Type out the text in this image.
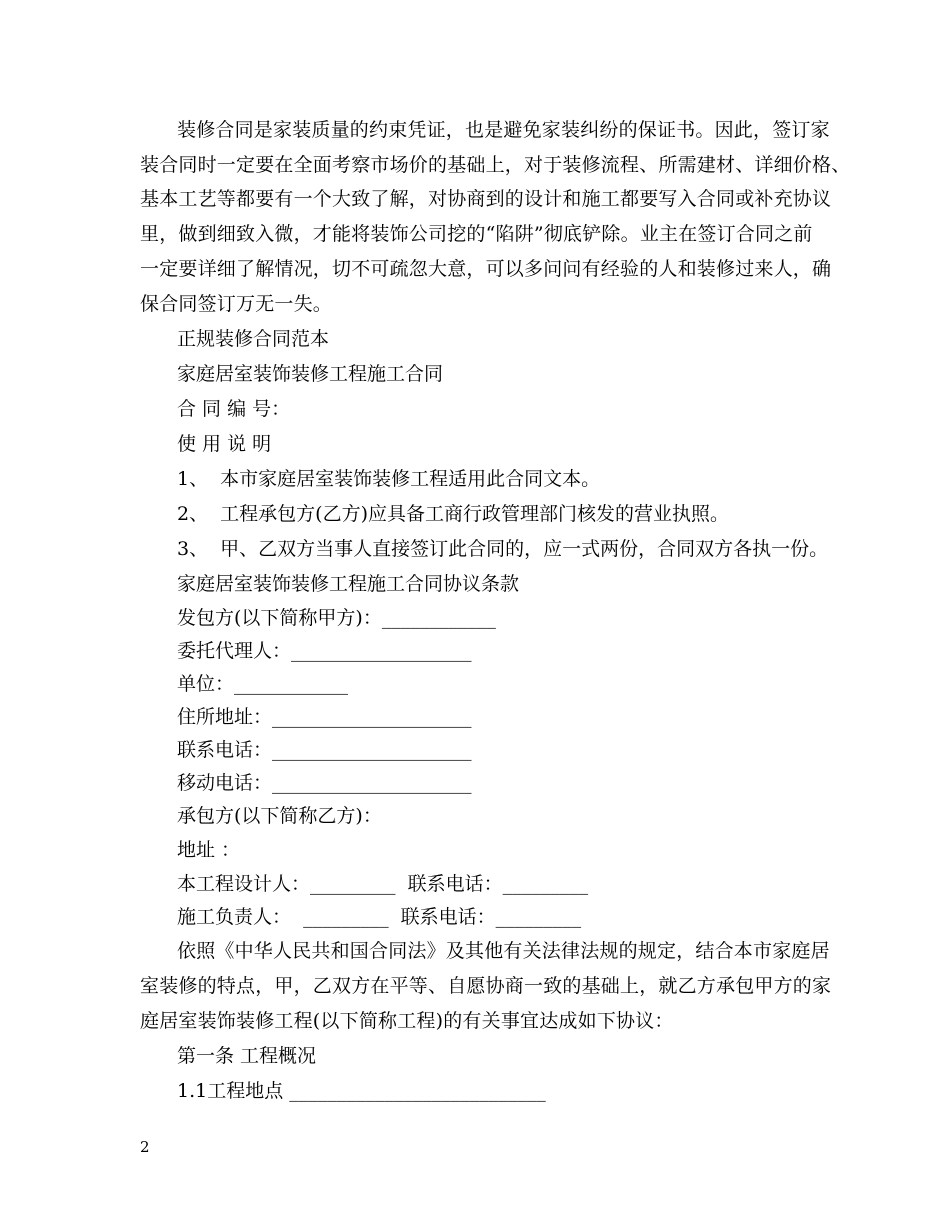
装修合同是家装质量的约束凭证，也是避免家装纠纷的保证书。因此，签订家
装合同时一定要在全面考察市场价的基础上，对于装修流程、所需建材、详细价格、
基本工艺等都要有一个大致了解，对协商到的设计和施工都要写入合同或补充协议
里，做到细致入微，才能将装饰公司挖的“陷阱”彻底铲除。业主在签订合同之前
一定要详细了解情况，切不可疏忽大意，可以多问问有经验的人和装修过来人，确
保合同签订万无一失。
正规装修合同范本
家庭居室装饰装修工程施工合同
合 同 编 号：
使 用 说 明
1、  本市家庭居室装饰装修工程适用此合同文本。
2、  工程承包方(乙方)应具备工商行政管理部门核发的营业执照。
3、  甲、乙双方当事人直接签订此合同的，应一式两份，合同双方各执一份。
家庭居室装饰装修工程施工合同协议条款
发包方(以下简称甲方)：____________
委托代理人：___________________
单位：____________
住所地址：_____________________
联系电话：_____________________
移动电话：_____________________
承包方(以下简称乙方)：
地址 ：
本工程设计人：_________  联系电话：_________
施工负责人：  _________  联系电话：_________
依照《中华人民共和国合同法》及其他有关法律法规的规定，结合本市家庭居
室装修的特点，甲，乙双方在平等、自愿协商一致的基础上，就乙方承包甲方的家
庭居室装饰装修工程(以下简称工程)的有关事宜达成如下协议：
第一条 工程概况
1.1工程地点 ___________________________
2
